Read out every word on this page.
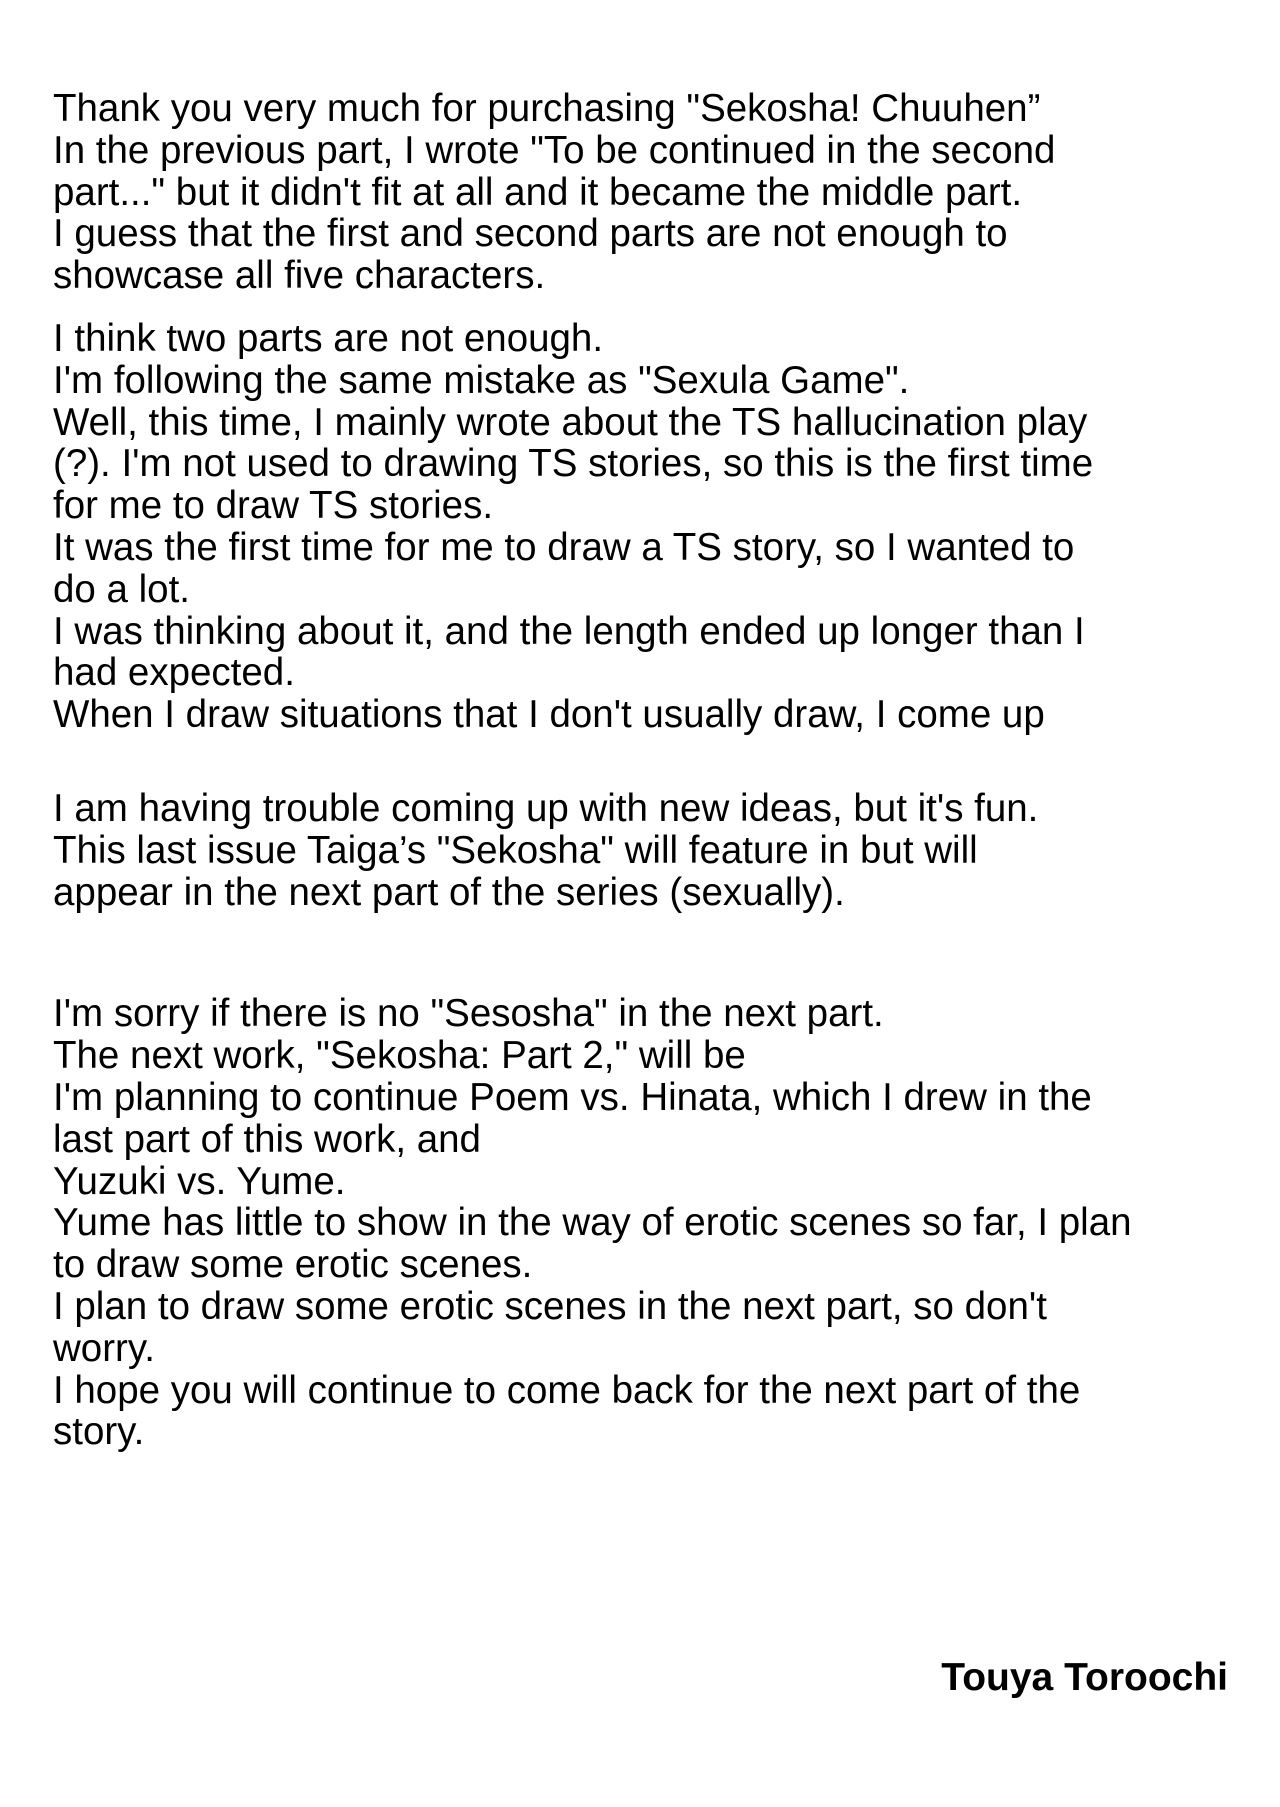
Thank you very much for purchasing "Sekosha! Chuuhen”
In the previous part, I wrote "To be continued in the second
part..." but it didn't fit at all and it became the middle part.
I guess that the first and second parts are not enough to
showcase all five characters.

I think two parts are not enough.
I'm following the same mistake as "Sexula Game".
Well, this time, I mainly wrote about the TS hallucination play
(?). I'm not used to drawing TS stories, so this is the first time
for me to draw TS stories.
It was the first time for me to draw a TS story, so I wanted to
do a lot.
I was thinking about it, and the length ended up longer than I
had expected.
When I draw situations that I don't usually draw, I come up

I am having trouble coming up with new ideas, but it's fun.
This last issue Taiga’s "Sekosha" will feature in but will
appear in the next part of the series (sexually).

I'm sorry if there is no "Sesosha" in the next part.
The next work, "Sekosha: Part 2," will be
I'm planning to continue Poem vs. Hinata, which I drew in the
last part of this work, and
Yuzuki vs. Yume.
Yume has little to show in the way of erotic scenes so far, I plan
to draw some erotic scenes.
I plan to draw some erotic scenes in the next part, so don't
worry.
I hope you will continue to come back for the next part of the
story.

Touya Toroochi
